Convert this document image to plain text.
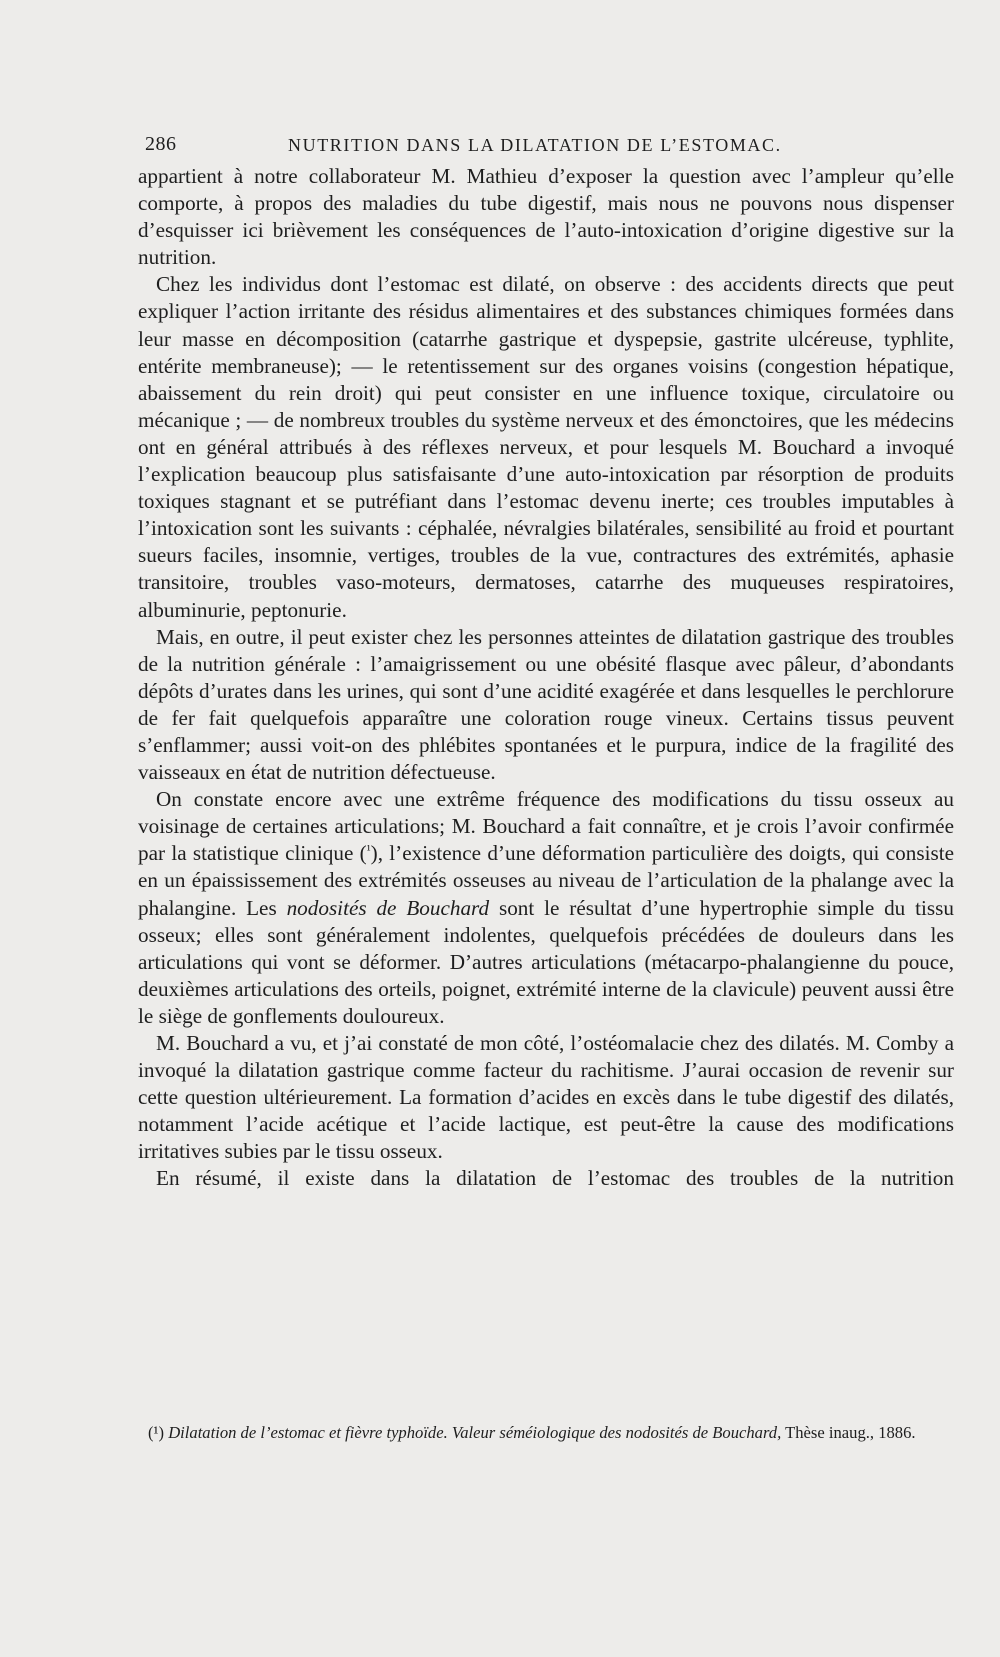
286	NUTRITION DANS LA DILATATION DE L’ESTOMAC.

appartient à notre collaborateur M. Mathieu d’exposer la question avec l’ampleur qu’elle comporte, à propos des maladies du tube digestif, mais nous ne pouvons nous dispenser d’esquisser ici brièvement les conséquences de l’auto-intoxication d’origine digestive sur la nutrition.

Chez les individus dont l’estomac est dilaté, on observe : des accidents directs que peut expliquer l’action irritante des résidus alimentaires et des substances chimiques formées dans leur masse en décomposition (catarrhe gastrique et dyspepsie, gastrite ulcéreuse, typhlite, entérite membraneuse); — le retentissement sur des organes voisins (congestion hépatique, abaissement du rein droit) qui peut consister en une influence toxique, circulatoire ou mécanique ; — de nombreux troubles du système nerveux et des émonctoires, que les médecins ont en général attribués à des réflexes nerveux, et pour lesquels M. Bouchard a invoqué l’explication beaucoup plus satisfaisante d’une auto-intoxication par résorption de produits toxiques stagnant et se putréfiant dans l’estomac devenu inerte; ces troubles imputables à l’intoxication sont les suivants : céphalée, névralgies bilatérales, sensibilité au froid et pourtant sueurs faciles, insomnie, vertiges, troubles de la vue, contractures des extrémités, aphasie transitoire, troubles vaso-moteurs, dermatoses, catarrhe des muqueuses respiratoires, albuminurie, peptonurie.

Mais, en outre, il peut exister chez les personnes atteintes de dilatation gastrique des troubles de la nutrition générale : l’amaigrissement ou une obésité flasque avec pâleur, d’abondants dépôts d’urates dans les urines, qui sont d’une acidité exagérée et dans lesquelles le perchlorure de fer fait quelquefois apparaître une coloration rouge vineux. Certains tissus peuvent s’enflammer; aussi voit-on des phlébites spontanées et le purpura, indice de la fragilité des vaisseaux en état de nutrition défectueuse.

On constate encore avec une extrême fréquence des modifications du tissu osseux au voisinage de certaines articulations; M. Bouchard a fait connaître, et je crois l’avoir confirmée par la statistique clinique ($^{^1}$), l’existence d’une déformation particulière des doigts, qui consiste en un épaississement des extrémités osseuses au niveau de l’articulation de la phalange avec la phalangine. Les nodosités de Bouchard sont le résultat d’une hypertrophie simple du tissu osseux; elles sont généralement indolentes, quelquefois précédées de douleurs dans les articulations qui vont se déformer. D’autres articulations (métacarpo-phalangienne du pouce, deuxièmes articulations des orteils, poignet, extrémité interne de la clavicule) peuvent aussi être le siège de gonflements douloureux.

M. Bouchard a vu, et j’ai constaté de mon côté, l’ostéomalacie chez des dilatés. M. Comby a invoqué la dilatation gastrique comme facteur du rachitisme. J’aurai occasion de revenir sur cette question ultérieurement. La formation d’acides en excès dans le tube digestif des dilatés, notamment l’acide acétique et l’acide lactique, est peut-être la cause des modifications irritatives subies par le tissu osseux.

En résumé, il existe dans la dilatation de l’estomac des troubles de la nutrition

(¹) Dilatation de l’estomac et fièvre typhoïde. Valeur séméiologique des nodosités de Bouchard, Thèse inaug., 1886.
